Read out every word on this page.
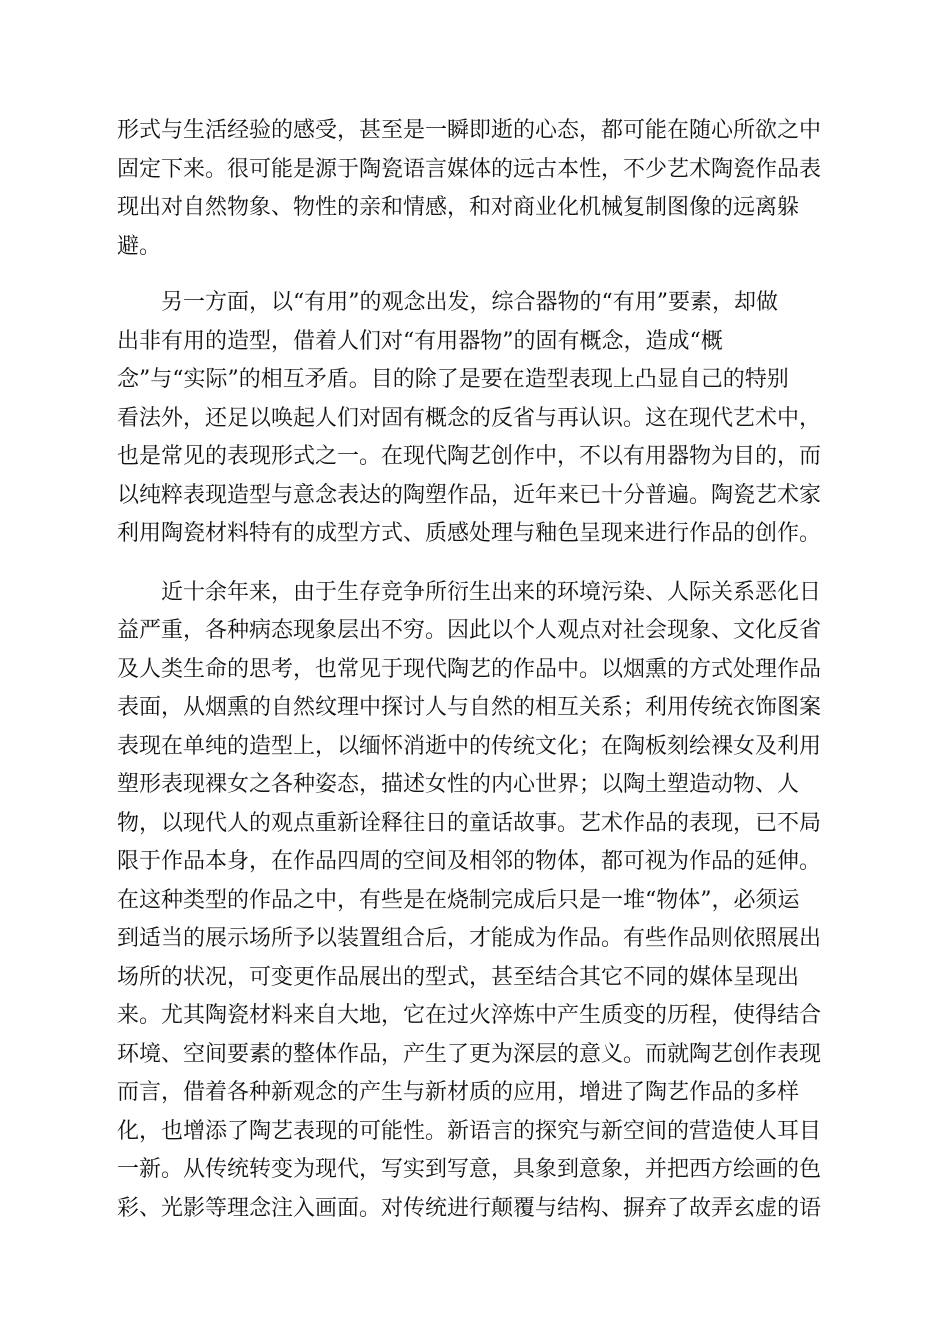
形式与生活经验的感受，甚至是一瞬即逝的心态，都可能在随心所欲之中
固定下来。很可能是源于陶瓷语言媒体的远古本性，不少艺术陶瓷作品表
现出对自然物象、物性的亲和情感，和对商业化机械复制图像的远离躲
避。
另一方面，以“有用”的观念出发，综合器物的“有用”要素，却做
出非有用的造型，借着人们对“有用器物”的固有概念，造成“概
念”与“实际”的相互矛盾。目的除了是要在造型表现上凸显自己的特别
看法外，还足以唤起人们对固有概念的反省与再认识。这在现代艺术中，
也是常见的表现形式之一。在现代陶艺创作中，不以有用器物为目的，而
以纯粹表现造型与意念表达的陶塑作品，近年来已十分普遍。陶瓷艺术家
利用陶瓷材料特有的成型方式、质感处理与釉色呈现来进行作品的创作。
近十余年来，由于生存竞争所衍生出来的环境污染、人际关系恶化日
益严重，各种病态现象层出不穷。因此以个人观点对社会现象、文化反省
及人类生命的思考，也常见于现代陶艺的作品中。以烟熏的方式处理作品
表面，从烟熏的自然纹理中探讨人与自然的相互关系；利用传统衣饰图案
表现在单纯的造型上，以缅怀消逝中的传统文化；在陶板刻绘裸女及利用
塑形表现裸女之各种姿态，描述女性的内心世界；以陶土塑造动物、人
物，以现代人的观点重新诠释往日的童话故事。艺术作品的表现，已不局
限于作品本身，在作品四周的空间及相邻的物体，都可视为作品的延伸。
在这种类型的作品之中，有些是在烧制完成后只是一堆“物体”，必须运
到适当的展示场所予以装置组合后，才能成为作品。有些作品则依照展出
场所的状况，可变更作品展出的型式，甚至结合其它不同的媒体呈现出
来。尤其陶瓷材料来自大地，它在过火淬炼中产生质变的历程，使得结合
环境、空间要素的整体作品，产生了更为深层的意义。而就陶艺创作表现
而言，借着各种新观念的产生与新材质的应用，增进了陶艺作品的多样
化，也增添了陶艺表现的可能性。新语言的探究与新空间的营造使人耳目
一新。从传统转变为现代，写实到写意，具象到意象，并把西方绘画的色
彩、光影等理念注入画面。对传统进行颠覆与结构、摒弃了故弄玄虚的语
